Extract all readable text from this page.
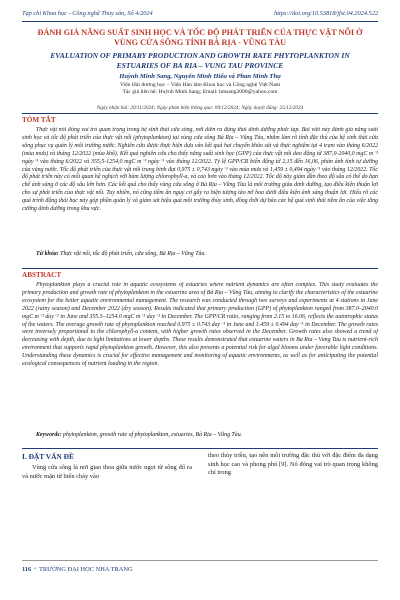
Tạp chí Khoa học - Công nghệ Thủy sản, Số 4/2024	https://doi.org/10.53818/jfst.04.2024.522
ĐÁNH GIÁ NĂNG SUẤT SINH HỌC VÀ TỐC ĐỘ PHÁT TRIỂN CỦA THỰC VẬT NỔI Ở VÙNG CỬA SÔNG TỈNH BÀ RỊA - VŨNG TÀU
EVALUATION OF PRIMARY PRODUCTION AND GROWTH RATE PHYTOPLANKTON IN ESTUARIES OF BA RIA – VUNG TAU PROVINCE
Huỳnh Minh Sang, Nguyễn Minh Hiếu và Phan Minh Thụ
Viện Hải dương học – Viện Hàn lâm Khoa học và Công nghệ Việt Nam
Tác giả liên hệ: Huỳnh Minh Sang; Email: hmsang2000@yahoo.com
Ngày nhận bài: 20/11/2024; Ngày phản biện thông qua: 09/12/2024; Ngày duyệt đăng: 25/12/2024
TÓM TẮT
Thực vật nổi đóng vai trò quan trọng trong hệ sinh thái cửa sông, nơi diễn ra động thái dinh dưỡng phức tạp. Bài viết này đánh giá năng suất sinh học và tốc độ phát triển của thực vật nổi (phytoplankton) tại vùng cửa sông Bà Rịa – Vũng Tàu, nhằm làm rõ tính đặc thù của hệ sinh thái cửa sông phục vụ quản lý môi trường nước. Nghiên cứu được thực hiện dựa vào kết quả hai chuyến khảo sát và thực nghiệm tại 4 trạm vào tháng 6/2022 (mùa mưa) và tháng 12/2022 (mùa khô). Kết quả nghiên cứu cho thấy năng suất sinh học (GPP) của thực vật nổi dao động từ 387,0-2040,0 mgC m⁻³ ngày⁻¹ vào tháng 6/2022 và 355,5-1254,0 mgC m⁻³ ngày⁻¹ vào tháng 12/2022. Tỷ lệ GPP/CR biến động từ 2,15 đến 16,06, phản ánh tính tự dưỡng của vùng nước. Tốc độ phát triển của thực vật nổi trung bình đạt 0,975 ± 0,743 ngày⁻¹ vào mùa mưa và 1,459 ± 0,494 ngày⁻¹ vào tháng 12/2022. Tốc độ phát triển này có mối quan hệ nghịch với hàm lượng chlorophyll-a, và cao hơn vào tháng 12/2022. Tốc độ này giảm dần theo độ sâu có thể do hạn chế ánh sáng ở các độ sâu lớn hơn. Các kết quả cho thấy vùng cửa sông ở Bà Rịa – Vũng Tàu là môi trường giàu dinh dưỡng, tạo điều kiện thuận lợi cho sự phát triển của thực vật nổi. Tuy nhiên, nó cũng tiềm ẩn nguy cơ gây ra hiện tượng tảo nở hoa dưới điều kiện ánh sáng thuận lợi. Hiểu rõ các quá trình động thái học này góp phần quản lý và giám sát hiệu quả môi trường thủy sinh, đồng thời dự báo các hệ quả sinh thái tiềm ẩn của việc tăng cường dinh dưỡng trong khu vực.
Từ khóa: Thực vật nổi, tốc độ phát triển, cửa sông, Bà Rịa – Vũng Tàu.
ABSTRACT
Phytoplankton plays a crucial role in aquatic ecosystems of estuaries where nutrient dynamics are often complex. This study evaluates the primary production and growth rate of phytoplankton in the estuarine area of Bà Rịa – Vũng Tàu, aiming to clarify the characteristics of the estuarine ecosystem for the better aquatic environmental management. The research was conducted through two surveys and experiments at 4 stations in June 2022 (rainy season) and December 2022 (dry season). Results indicated that primary production (GPP) of phytoplankton ranged from 387.0–2040.0 mgC m⁻³ day⁻¹ in June and 355.5–1254.0 mgC m⁻³ day⁻¹ in December. The GPP/CR ratio, ranging from 2.15 to 16.06, reflects the autotrophic status of the waters. The average growth rate of phytoplankton reached 0.975 ± 0.743 day⁻¹ in June and 1.459 ± 0.494 day⁻¹ in December. The growth rates were inversely proportional to the chlorophyll-a content, with higher growth rates observed in the December. Growth rates also showed a trend of decreasing with depth, due to light limitations at lower depths. These results demonstrated that estuarine waters in Ba Ria – Vung Tau is nutrient-rich environment that supports rapid phytoplankton growth. However, this also presents a potential risk for algal blooms under favorable light conditions. Understanding these dynamics is crucial for effective management and monitoring of aquatic environments, as well as for anticipating the potential ecological consequences of nutrient loading in the region.
Keywords: phytoplankton, growth rate of phytoplankton, estuaries, Bà Rịa – Vũng Tàu.
I. ĐẶT VẤN ĐỀ
Vùng cửa sông là nơi giao thoa giữa nước ngọt từ sông đổ ra và nước mặn từ biển chảy vào
theo thủy triều, tạo nên môi trường đặc thù với đặc điểm đa dạng sinh học cao và phong phú [9]. Nó đóng vai trò quan trọng không chỉ trong
116 • TRƯỜNG ĐẠI HỌC NHA TRANG
